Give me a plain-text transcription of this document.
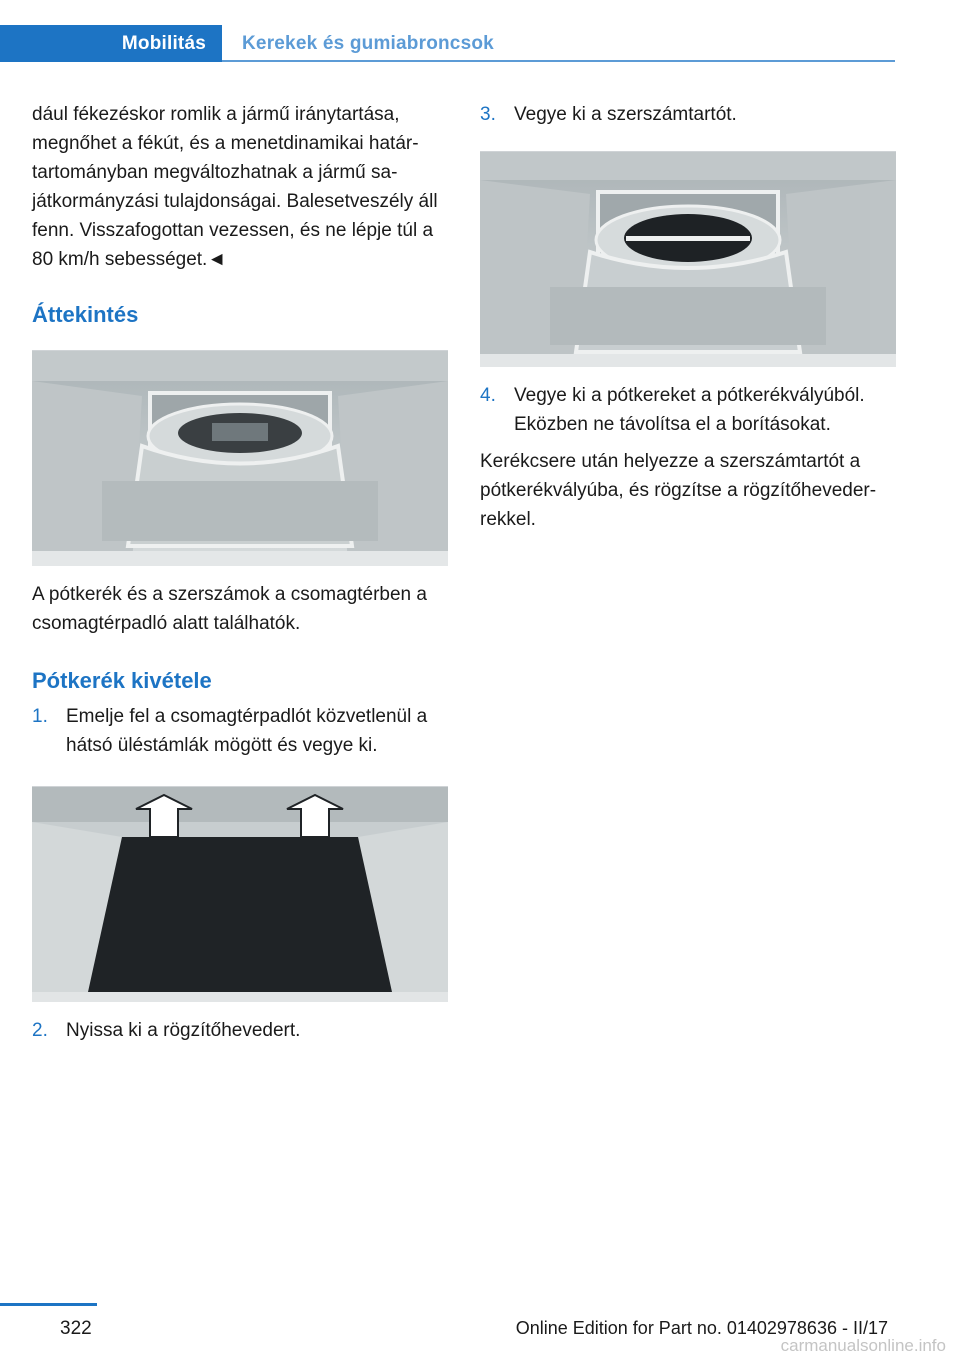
Mobilitás	Kerekek és gumiabroncsok

dául fékezéskor romlik a jármű iránytartása, megnőhet a fékút, és a menetdinamikai határ-tartományban megváltozhatnak a jármű sa-játkormányzási tulajdonságai. Balesetveszély áll fenn. Visszafogottan vezessen, és ne lépje túl a 80 km/h sebességet.◄

Áttekintés

A pótkerék és a szerszámok a csomagtérben a csomagtérpadló alatt találhatók.

Pótkerék kivétele
1. Emelje fel a csomagtérpadlót közvetlenül a hátsó üléstámlák mögött és vegye ki.
2. Nyissa ki a rögzítőhevedert.
3. Vegye ki a szerszámtartót.
4. Vegye ki a pótkereket a pótkerékvályúból. Eközben ne távolítsa el a borításokat.

Kerékcsere után helyezze a szerszámtartót a pótkerékvályúba, és rögzítse a rögzítőheveder-rekkel.

322	Online Edition for Part no. 01402978636 - II/17
carmanualsonline.info
